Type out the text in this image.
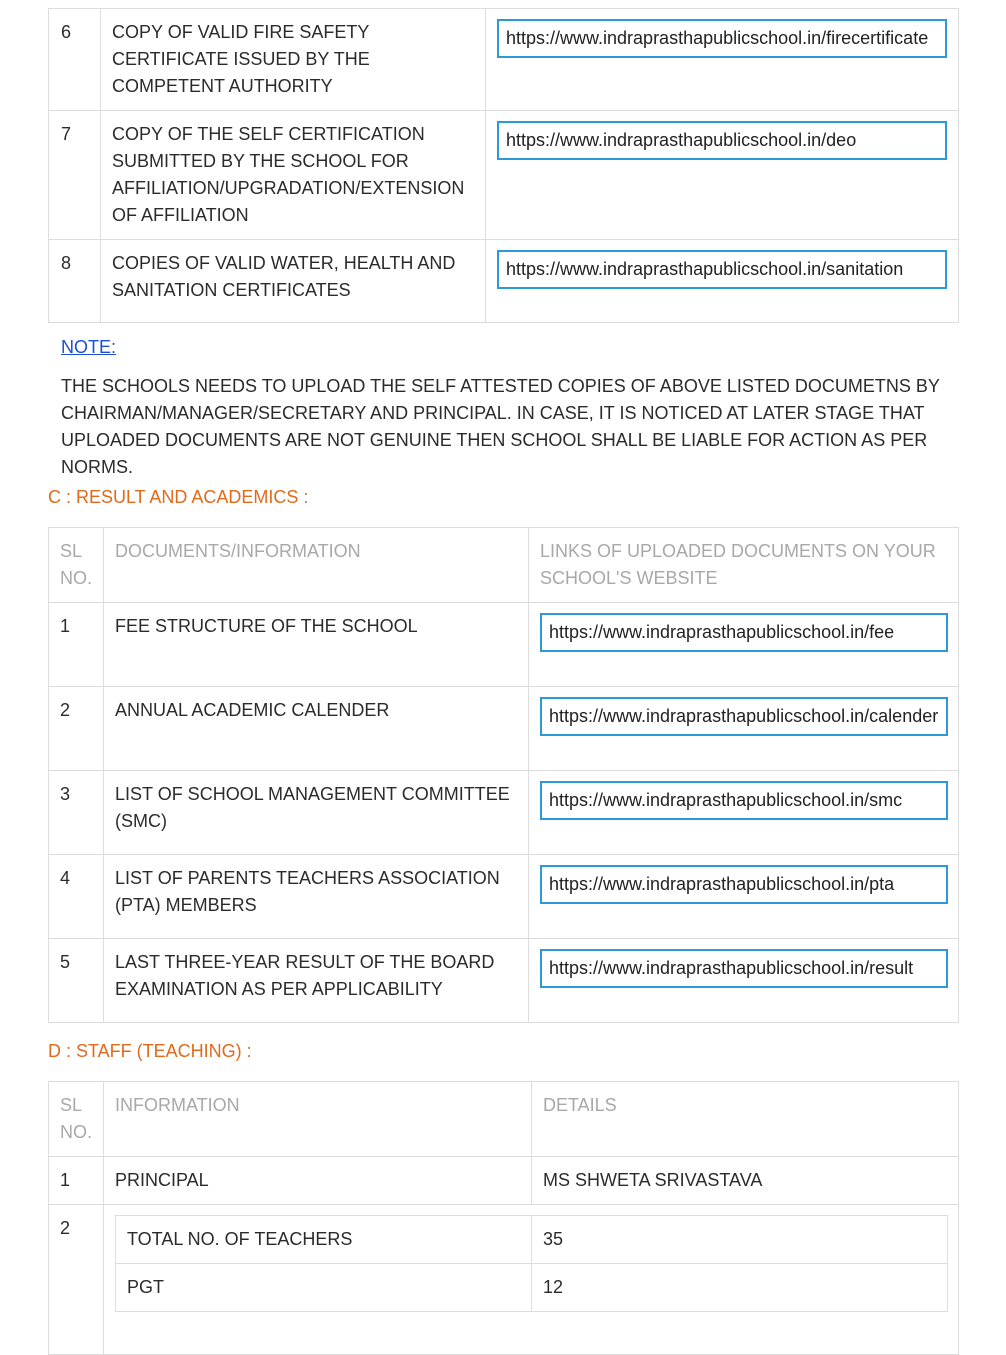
6	COPY OF VALID FIRE SAFETY CERTIFICATE ISSUED BY THE COMPETENT AUTHORITY	https://www.indraprasthapublicschool.in/firecertificate

7	COPY OF THE SELF CERTIFICATION SUBMITTED BY THE SCHOOL FOR AFFILIATION/UPGRADATION/EXTENSION OF AFFILIATION	https://www.indraprasthapublicschool.in/deo

8	COPIES OF VALID WATER, HEALTH AND SANITATION CERTIFICATES	https://www.indraprasthapublicschool.in/sanitation
NOTE:
THE SCHOOLS NEEDS TO UPLOAD THE SELF ATTESTED COPIES OF ABOVE LISTED DOCUMETNS BY CHAIRMAN/MANAGER/SECRETARY AND PRINCIPAL. IN CASE, IT IS NOTICED AT LATER STAGE THAT UPLOADED DOCUMENTS ARE NOT GENUINE THEN SCHOOL SHALL BE LIABLE FOR ACTION AS PER NORMS.
C : RESULT AND ACADEMICS :
SL NO.	DOCUMENTS/INFORMATION	LINKS OF UPLOADED DOCUMENTS ON YOUR SCHOOL'S WEBSITE
1	FEE STRUCTURE OF THE SCHOOL	https://www.indraprasthapublicschool.in/fee

2	ANNUAL ACADEMIC CALENDER	https://www.indraprasthapublicschool.in/calender

3	LIST OF SCHOOL MANAGEMENT COMMITTEE (SMC)	https://www.indraprasthapublicschool.in/smc

4	LIST OF PARENTS TEACHERS ASSOCIATION (PTA) MEMBERS	https://www.indraprasthapublicschool.in/pta

5	LAST THREE-YEAR RESULT OF THE BOARD EXAMINATION AS PER APPLICABILITY	https://www.indraprasthapublicschool.in/result
D : STAFF (TEACHING) :
SL NO.	INFORMATION	DETAILS
1	PRINCIPAL	MS SHWETA SRIVASTAVA
2	
TOTAL NO. OF TEACHERS	35
PGT	12
